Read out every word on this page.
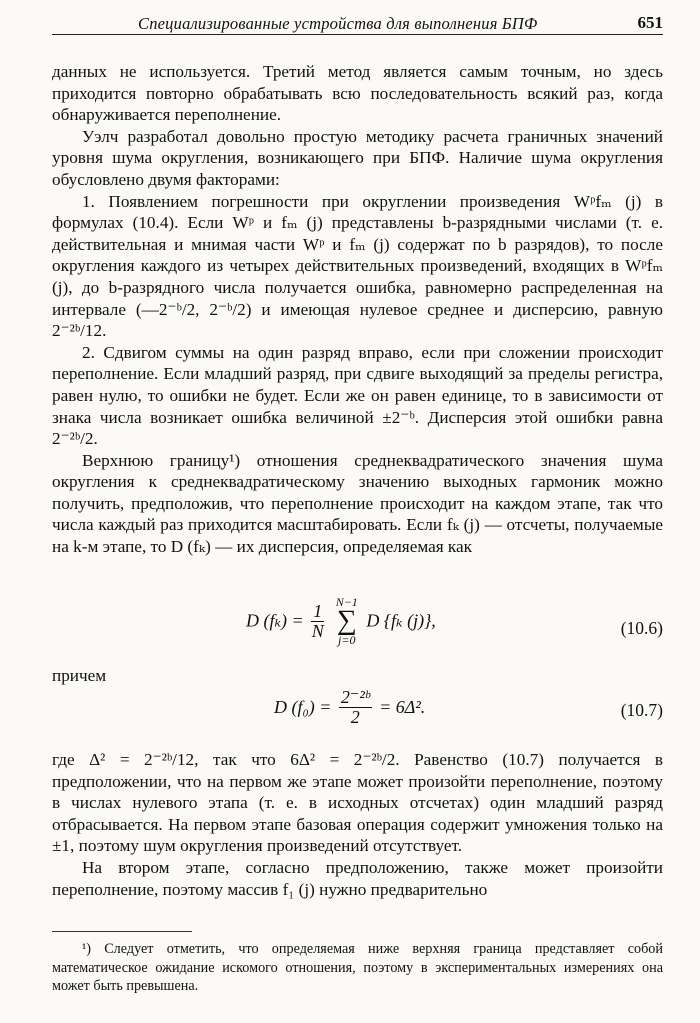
Специализированные устройства для выполнения БПФ	651

данных не используется. Третий метод является самым точным, но здесь приходится повторно обрабатывать всю последовательность всякий раз, когда обнаруживается переполнение.

Уэлч разработал довольно простую методику расчета граничных значений уровня шума округления, возникающего при БПФ. Наличие шума округления обусловлено двумя факторами:

1. Появлением погрешности при округлении произведения Wᵖfₘ (j) в формулах (10.4). Если Wᵖ и fₘ (j) представлены b-разрядными числами (т. е. действительная и мнимая части Wᵖ и fₘ (j) содержат по b разрядов), то после округления каждого из четырех действительных произведений, входящих в Wᵖfₘ (j), до b-разрядного числа получается ошибка, равномерно распределенная на интервале (—2⁻ᵇ/2, 2⁻ᵇ/2) и имеющая нулевое среднее и дисперсию, равную 2⁻²ᵇ/12.

2. Сдвигом суммы на один разряд вправо, если при сложении происходит переполнение. Если младший разряд, при сдвиге выходящий за пределы регистра, равен нулю, то ошибки не будет. Если же он равен единице, то в зависимости от знака числа возникает ошибка величиной ±2⁻ᵇ. Дисперсия этой ошибки равна 2⁻²ᵇ/2.

Верхнюю границу¹) отношения среднеквадратического значения шума округления к среднеквадратическому значению выходных гармоник можно получить, предположив, что переполнение происходит на каждом этапе, так что числа каждый раз приходится масштабировать. Если fₖ (j) — отсчеты, получаемые на k-м этапе, то D (fₖ) — их дисперсия, определяемая как

D $(f_k) = \frac{1}{N}$
N−1
∑
j=0
D {fₖ (j)},	(10.6)
причем
D $(f_0) = \frac{\text{2⁻²ᵇ}}{2} = 6\Delta^2$.	(10.7)

где Δ² = 2⁻²ᵇ/12, так что 6Δ² = 2⁻²ᵇ/2. Равенство (10.7) получается в предположении, что на первом же этапе может произойти переполнение, поэтому в числах нулевого этапа (т. е. в исходных отсчетах) один младший разряд отбрасывается. На первом этапе базовая операция содержит умножения только на ±1, поэтому шум округления произведений отсутствует.

На втором этапе, согласно предположению, также может произойти переполнение, поэтому массив f₁ (j) нужно предварительно

¹) Следует отметить, что определяемая ниже верхняя граница представляет собой математическое ожидание искомого отношения, поэтому в экспериментальных измерениях она может быть превышена.
